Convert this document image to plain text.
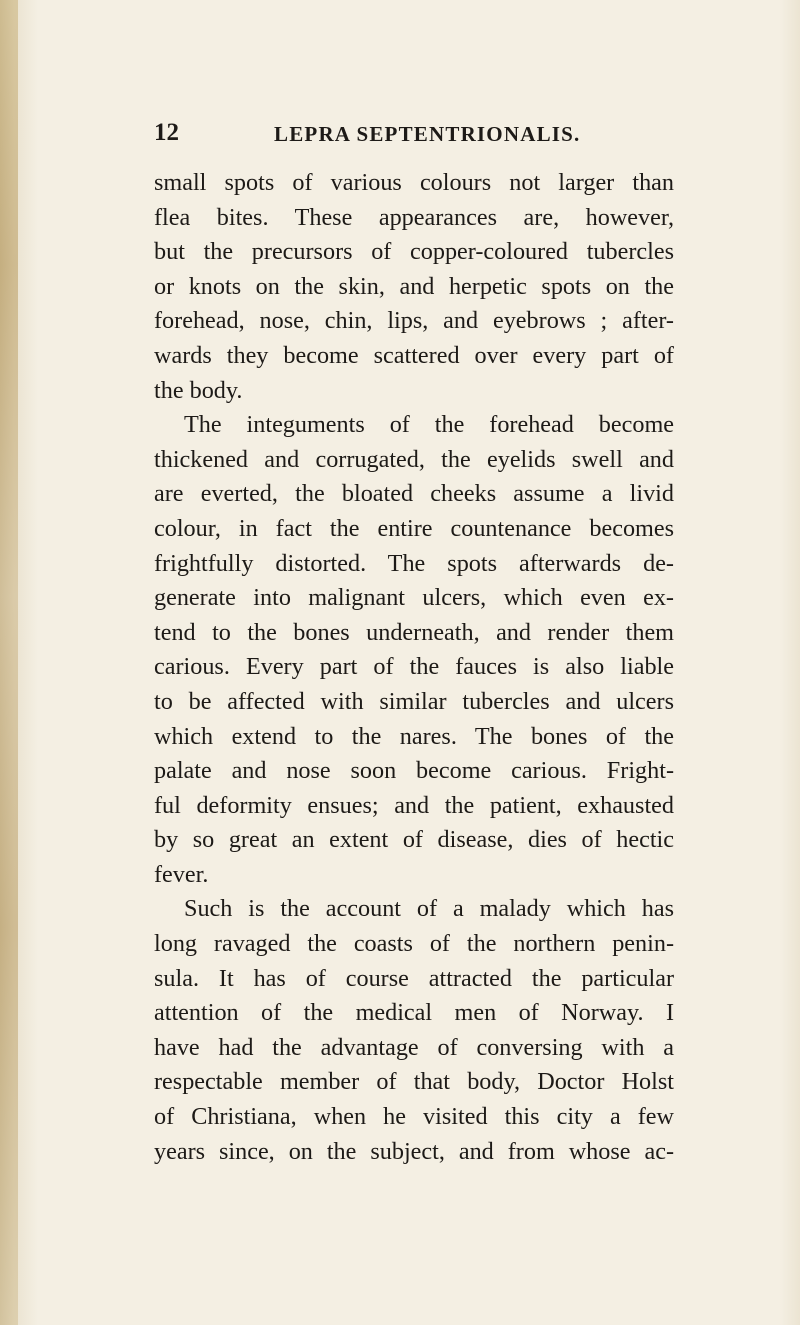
12	LEPRA SEPTENTRIONALIS.
small spots of various colours not larger than
flea bites. These appearances are, however,
but the precursors of copper-coloured tubercles
or knots on the skin, and herpetic spots on the
forehead, nose, chin, lips, and eyebrows ; after-
wards they become scattered over every part of
the body.
The integuments of the forehead become
thickened and corrugated, the eyelids swell and
are everted, the bloated cheeks assume a livid
colour, in fact the entire countenance becomes
frightfully distorted. The spots afterwards de-
generate into malignant ulcers, which even ex-
tend to the bones underneath, and render them
carious. Every part of the fauces is also liable
to be affected with similar tubercles and ulcers
which extend to the nares. The bones of the
palate and nose soon become carious. Fright-
ful deformity ensues; and the patient, exhausted
by so great an extent of disease, dies of hectic
fever.
Such is the account of a malady which has
long ravaged the coasts of the northern penin-
sula. It has of course attracted the particular
attention of the medical men of Norway. I
have had the advantage of conversing with a
respectable member of that body, Doctor Holst
of Christiana, when he visited this city a few
years since, on the subject, and from whose ac-
